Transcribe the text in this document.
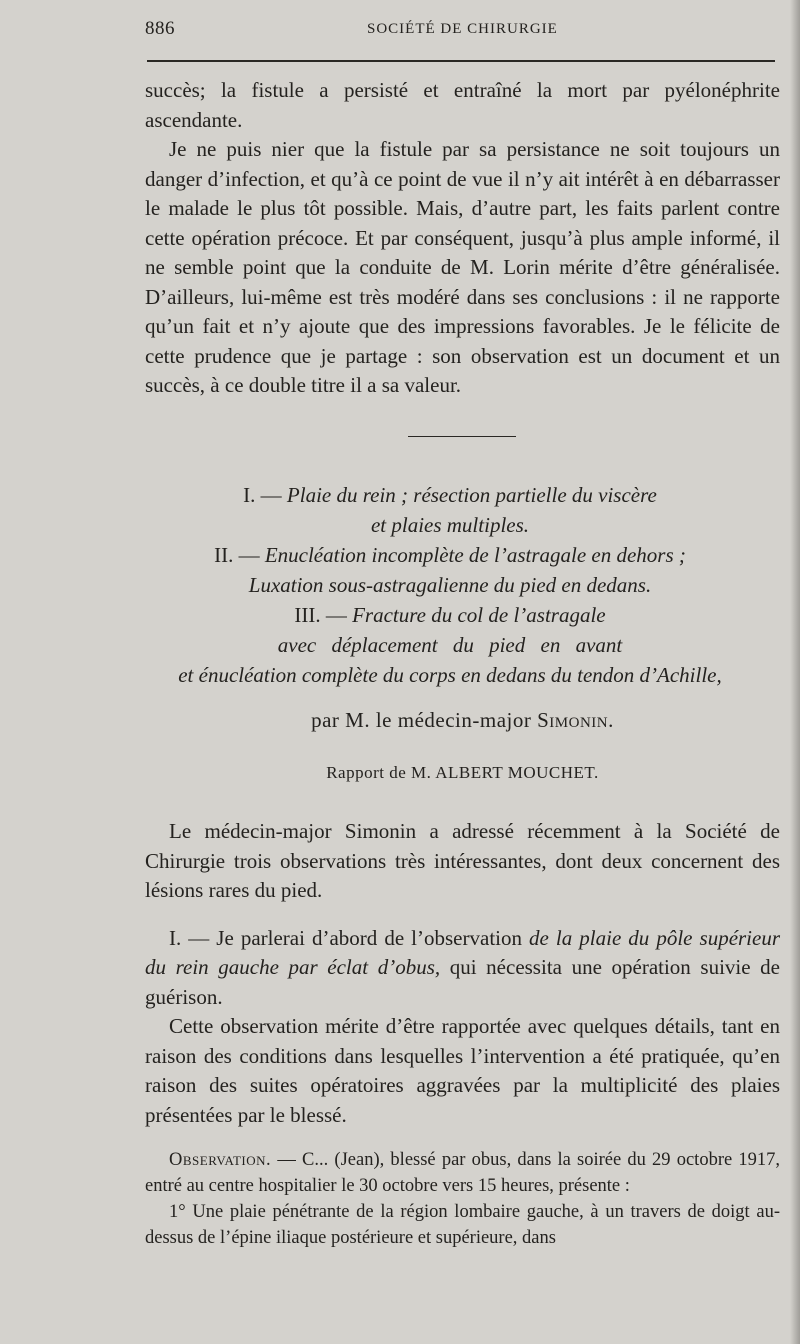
886	SOCIÉTÉ DE CHIRURGIE

succès; la fistule a persisté et entraîné la mort par pyélonéphrite ascendante.

Je ne puis nier que la fistule par sa persistance ne soit toujours un danger d’infection, et qu’à ce point de vue il n’y ait intérêt à en débarrasser le malade le plus tôt possible. Mais, d’autre part, les faits parlent contre cette opération précoce. Et par conséquent, jusqu’à plus ample informé, il ne semble point que la conduite de M. Lorin mérite d’être généralisée. D’ailleurs, lui-même est très modéré dans ses conclusions : il ne rapporte qu’un fait et n’y ajoute que des impressions favorables. Je le félicite de cette prudence que je partage : son observation est un document et un succès, à ce double titre il a sa valeur.

I. — Plaie du rein ; résection partielle du viscère
et plaies multiples.
II. — Enucléation incomplète de l’astragale en dehors ;
Luxation sous-astragalienne du pied en dedans.
III. — Fracture du col de l’astragale
avec déplacement du pied en avant
et énucléation complète du corps en dedans du tendon d’Achille,
par M. le médecin-major Simonin.
Rapport de M. ALBERT MOUCHET.

Le médecin-major Simonin a adressé récemment à la Société de Chirurgie trois observations très intéressantes, dont deux concernent des lésions rares du pied.

I. — Je parlerai d’abord de l’observation de la plaie du pôle supérieur du rein gauche par éclat d’obus, qui nécessita une opération suivie de guérison.

Cette observation mérite d’être rapportée avec quelques détails, tant en raison des conditions dans lesquelles l’intervention a été pratiquée, qu’en raison des suites opératoires aggravées par la multiplicité des plaies présentées par le blessé.

Observation. — C... (Jean), blessé par obus, dans la soirée du 29 octobre 1917, entré au centre hospitalier le 30 octobre vers 15 heures, présente :

1° Une plaie pénétrante de la région lombaire gauche, à un travers de doigt au-dessus de l’épine iliaque postérieure et supérieure, dans
